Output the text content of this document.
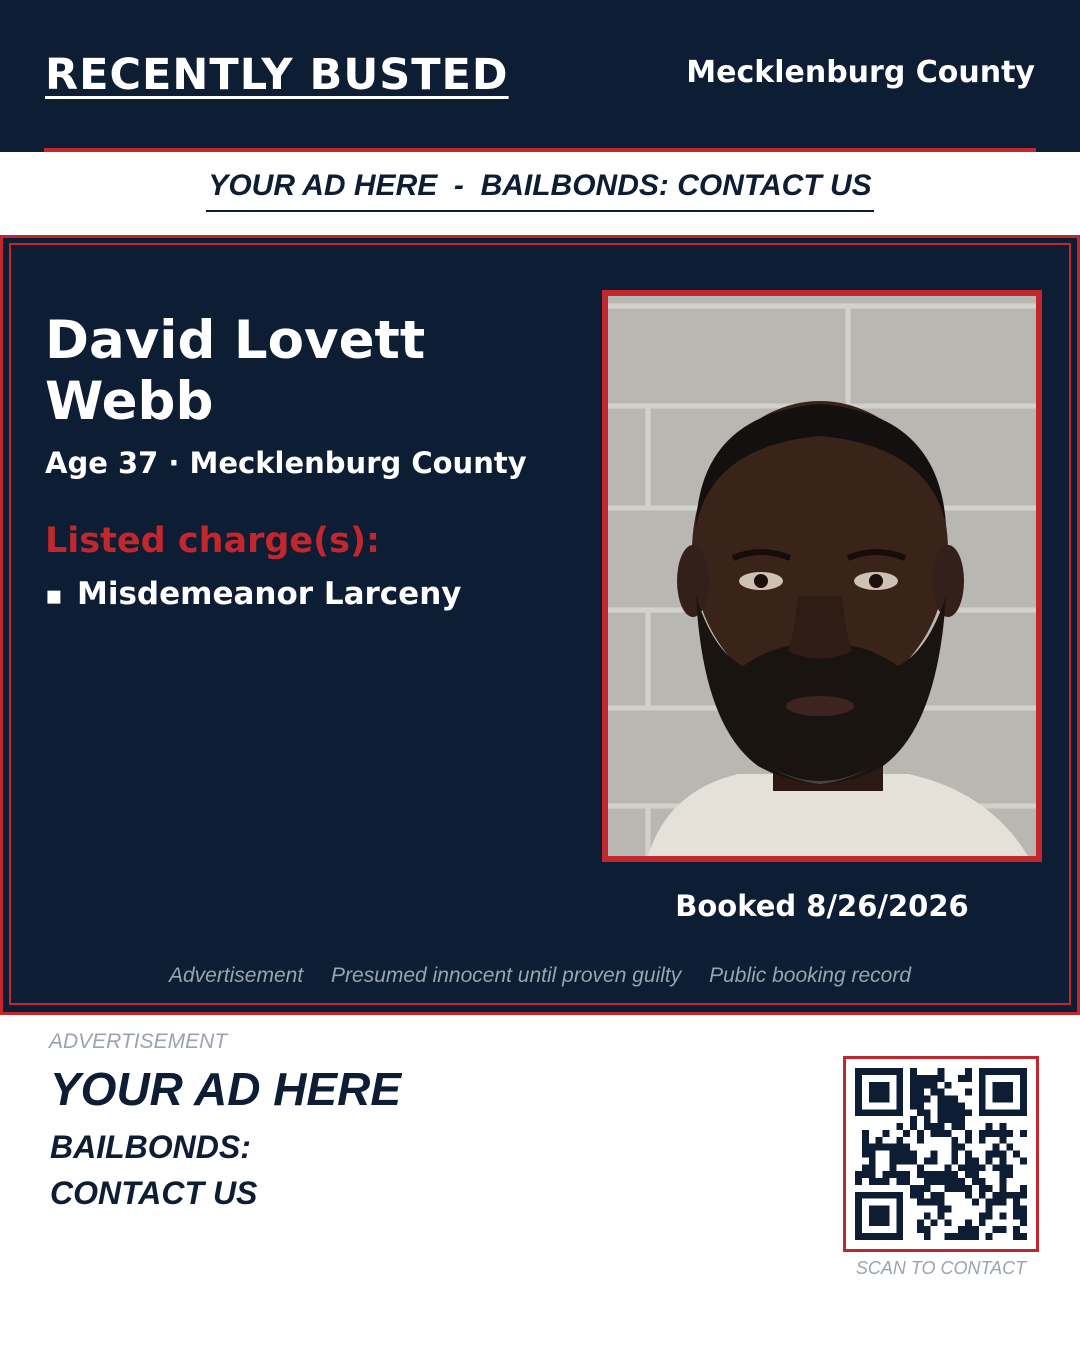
RECENTLY BUSTED	Mecklenburg County
YOUR AD HERE  -  BAILBONDS: CONTACT US
David Lovett Webb
Age 37 · Mecklenburg County
Listed charge(s):
▪ Misdemeanor Larceny
Booked 8/26/2026
Advertisement Presumed innocent until proven guilty Public booking record
ADVERTISEMENT
YOUR AD HERE
BAILBONDS:
CONTACT US
SCAN TO CONTACT
